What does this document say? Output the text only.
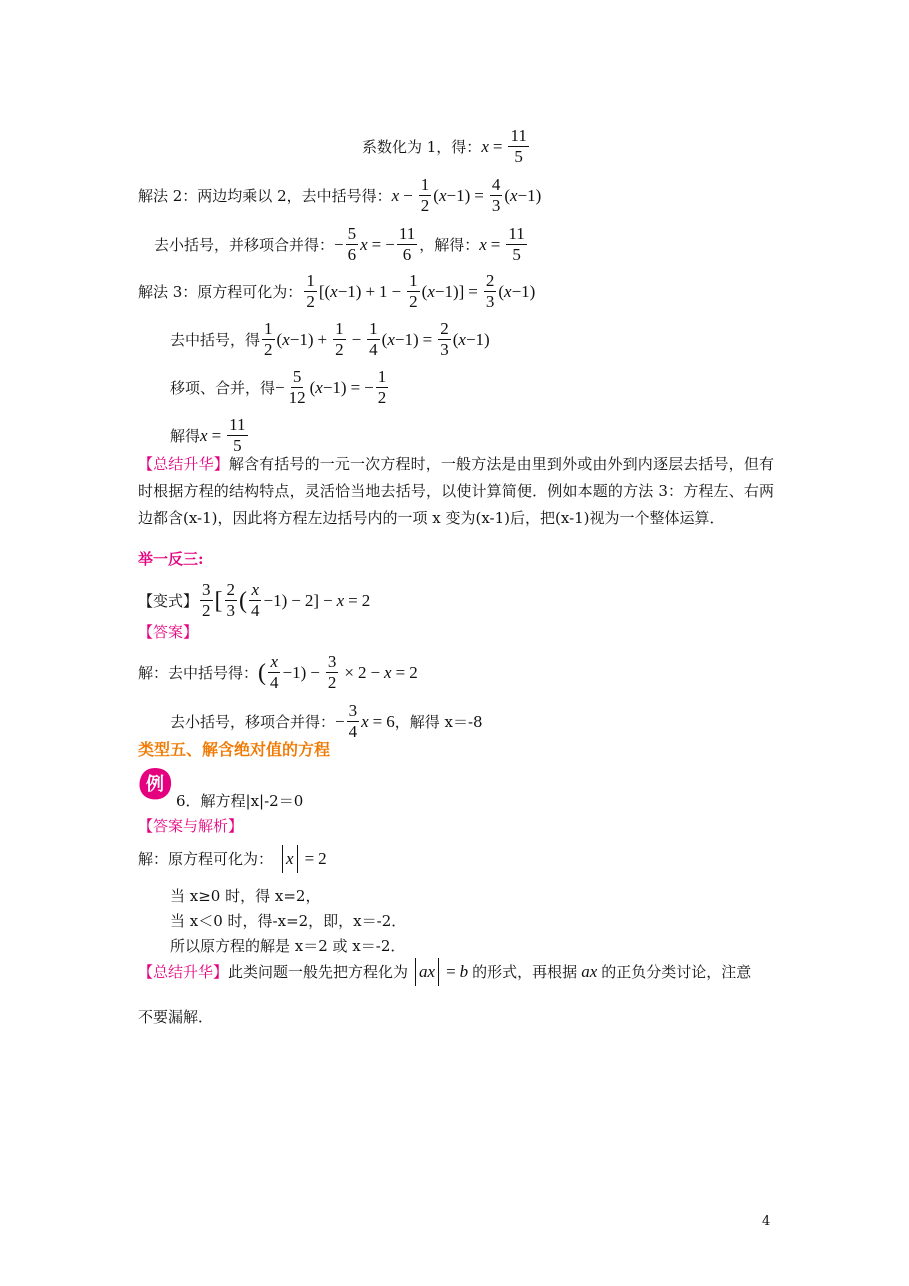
系数化为 1，得： $x = \frac{11}{5}$
解法 2：两边均乘以 2，去中括号得： $x - \frac{1}{2} (x-1) = \frac{4}{3} (x-1)$
去小括号，并移项合并得： − $\frac{5}{6}$ x = − $\frac{11}{6}$ ，解得： $x = \frac{11}{5}$
解法 3：原方程可化为： $\frac{1}{2} [(x-1) + 1 - \frac{1}{2} (x-1)] = \frac{2}{3} (x-1)$
去中括号，得 $\frac{1}{2} (x-1) + \frac{1}{2} - \frac{1}{4} (x-1) = \frac{2}{3} (x-1)$
移项、合并，得 − $\frac{5}{12} (x-1)$ = − $\frac{1}{2}$
解得 $x = \frac{11}{5}$
【总结升华】解含有括号的一元一次方程时，一般方法是由里到外或由外到内逐层去括号，但有时根据方程的结构特点，灵活恰当地去括号，以使计算简便．例如本题的方法 3：方程左、右两边都含(x-1)，因此将方程左边括号内的一项 x 变为(x-1)后，把(x-1)视为一个整体运算．
举一反三:
【变式】 $\frac{3}{2}$ [ $\frac{2}{3}$ ( $\frac{x}{4} -1) - 2] - x = 2$
【答案】
解：去中括号得： ( $\frac{x}{4} -1) - \frac{3}{2} \times 2 - x = 2$
去小括号，移项合并得： − $\frac{3}{4}$ x = 6 ，解得 x＝-8
类型五、解含绝对值的方程
例
6．解方程|x|-2＝0
【答案与解析】
解：原方程可化为： x = 2
当 x≥0 时，得 x=2，
当 x＜0 时，得-x=2，即，x＝-2．
所以原方程的解是 x＝2 或 x＝-2．
【总结升华】 此类问题一般先把方程化为 ax = b 的形式，再根据 ax 的正负分类讨论，注意
不要漏解．
4
